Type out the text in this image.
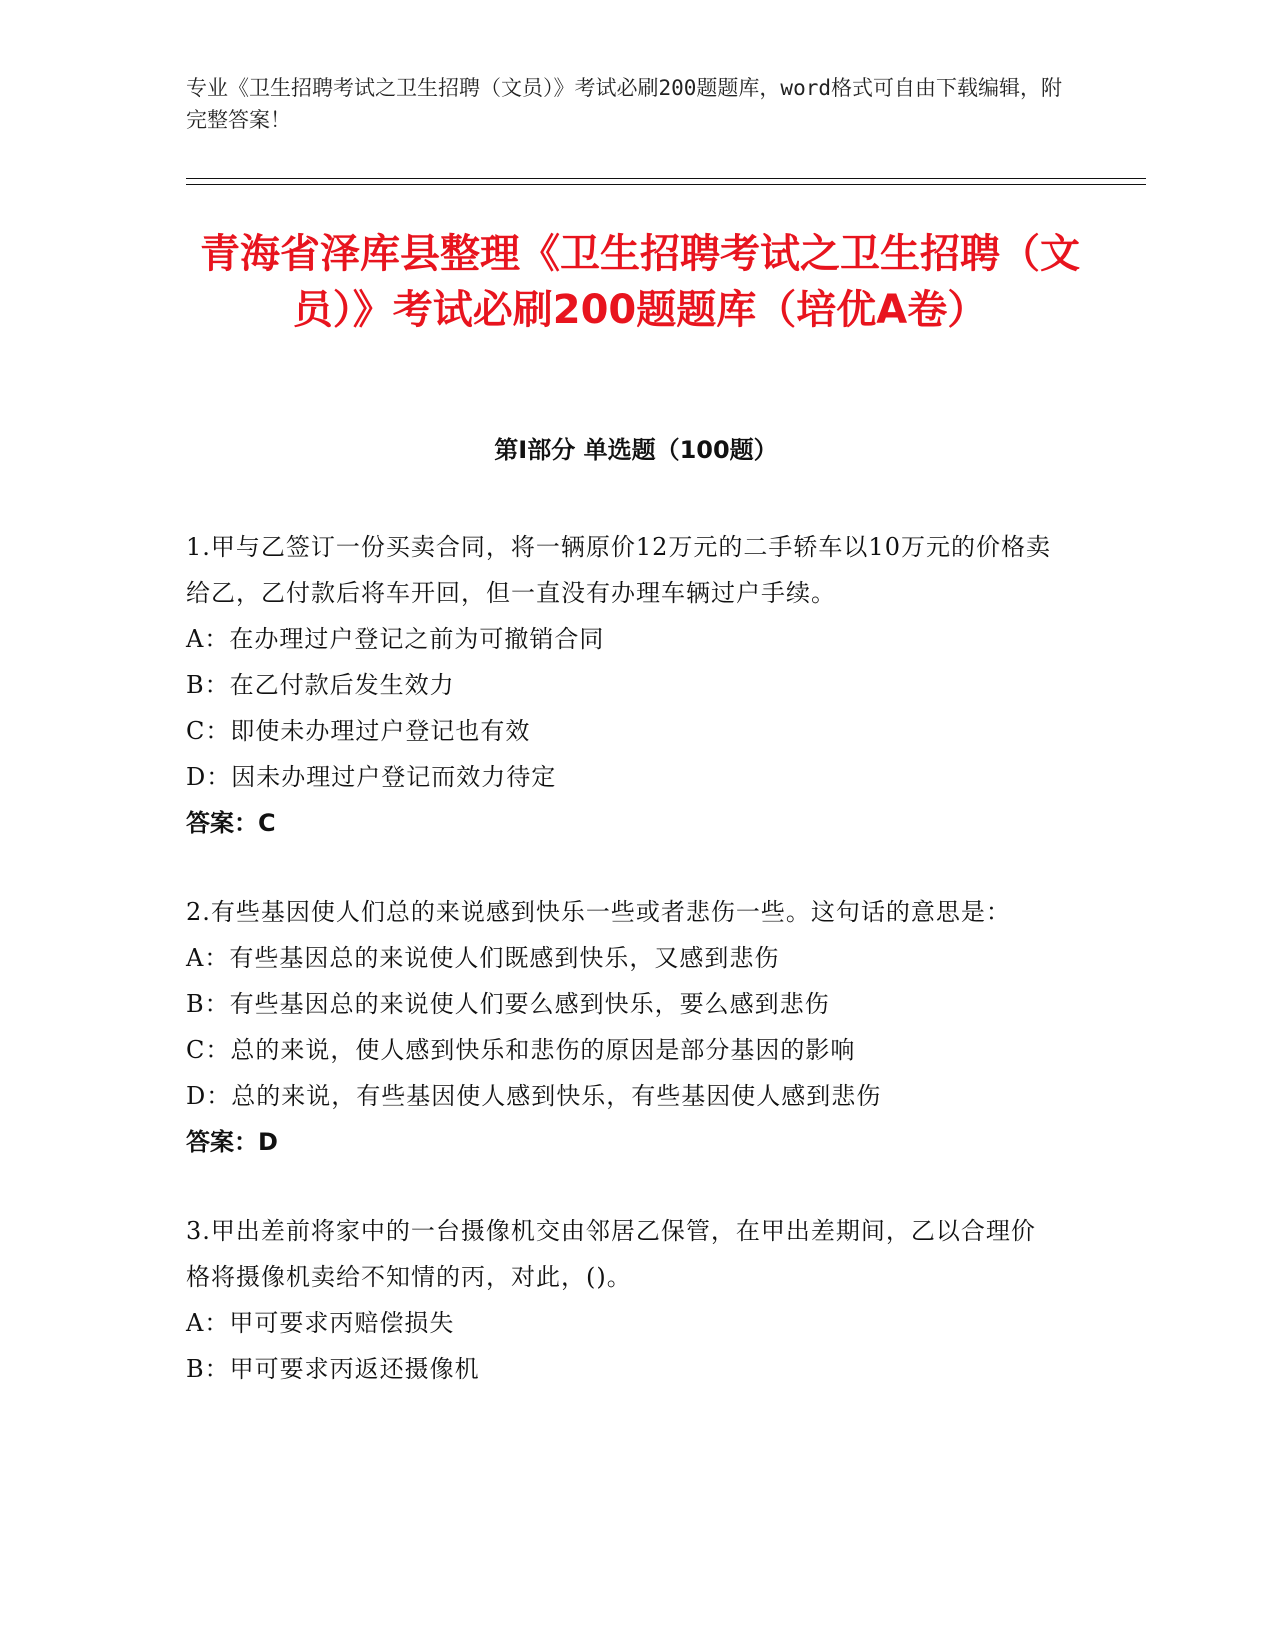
专业《卫生招聘考试之卫生招聘（文员）》考试必刷200题题库，word格式可自由下载编辑，附完整答案！
青海省泽库县整理《卫生招聘考试之卫生招聘（文员）》考试必刷200题题库（培优A卷）
第I部分 单选题（100题）
1.甲与乙签订一份买卖合同，将一辆原价12万元的二手轿车以10万元的价格卖给乙，乙付款后将车开回，但一直没有办理车辆过户手续。
A：在办理过户登记之前为可撤销合同
B：在乙付款后发生效力
C：即使未办理过户登记也有效
D：因未办理过户登记而效力待定
答案：C
2.有些基因使人们总的来说感到快乐一些或者悲伤一些。这句话的意思是：
A：有些基因总的来说使人们既感到快乐，又感到悲伤
B：有些基因总的来说使人们要么感到快乐，要么感到悲伤
C：总的来说，使人感到快乐和悲伤的原因是部分基因的影响
D：总的来说，有些基因使人感到快乐，有些基因使人感到悲伤
答案：D
3.甲出差前将家中的一台摄像机交由邻居乙保管，在甲出差期间，乙以合理价格将摄像机卖给不知情的丙，对此，()。
A：甲可要求丙赔偿损失
B：甲可要求丙返还摄像机
